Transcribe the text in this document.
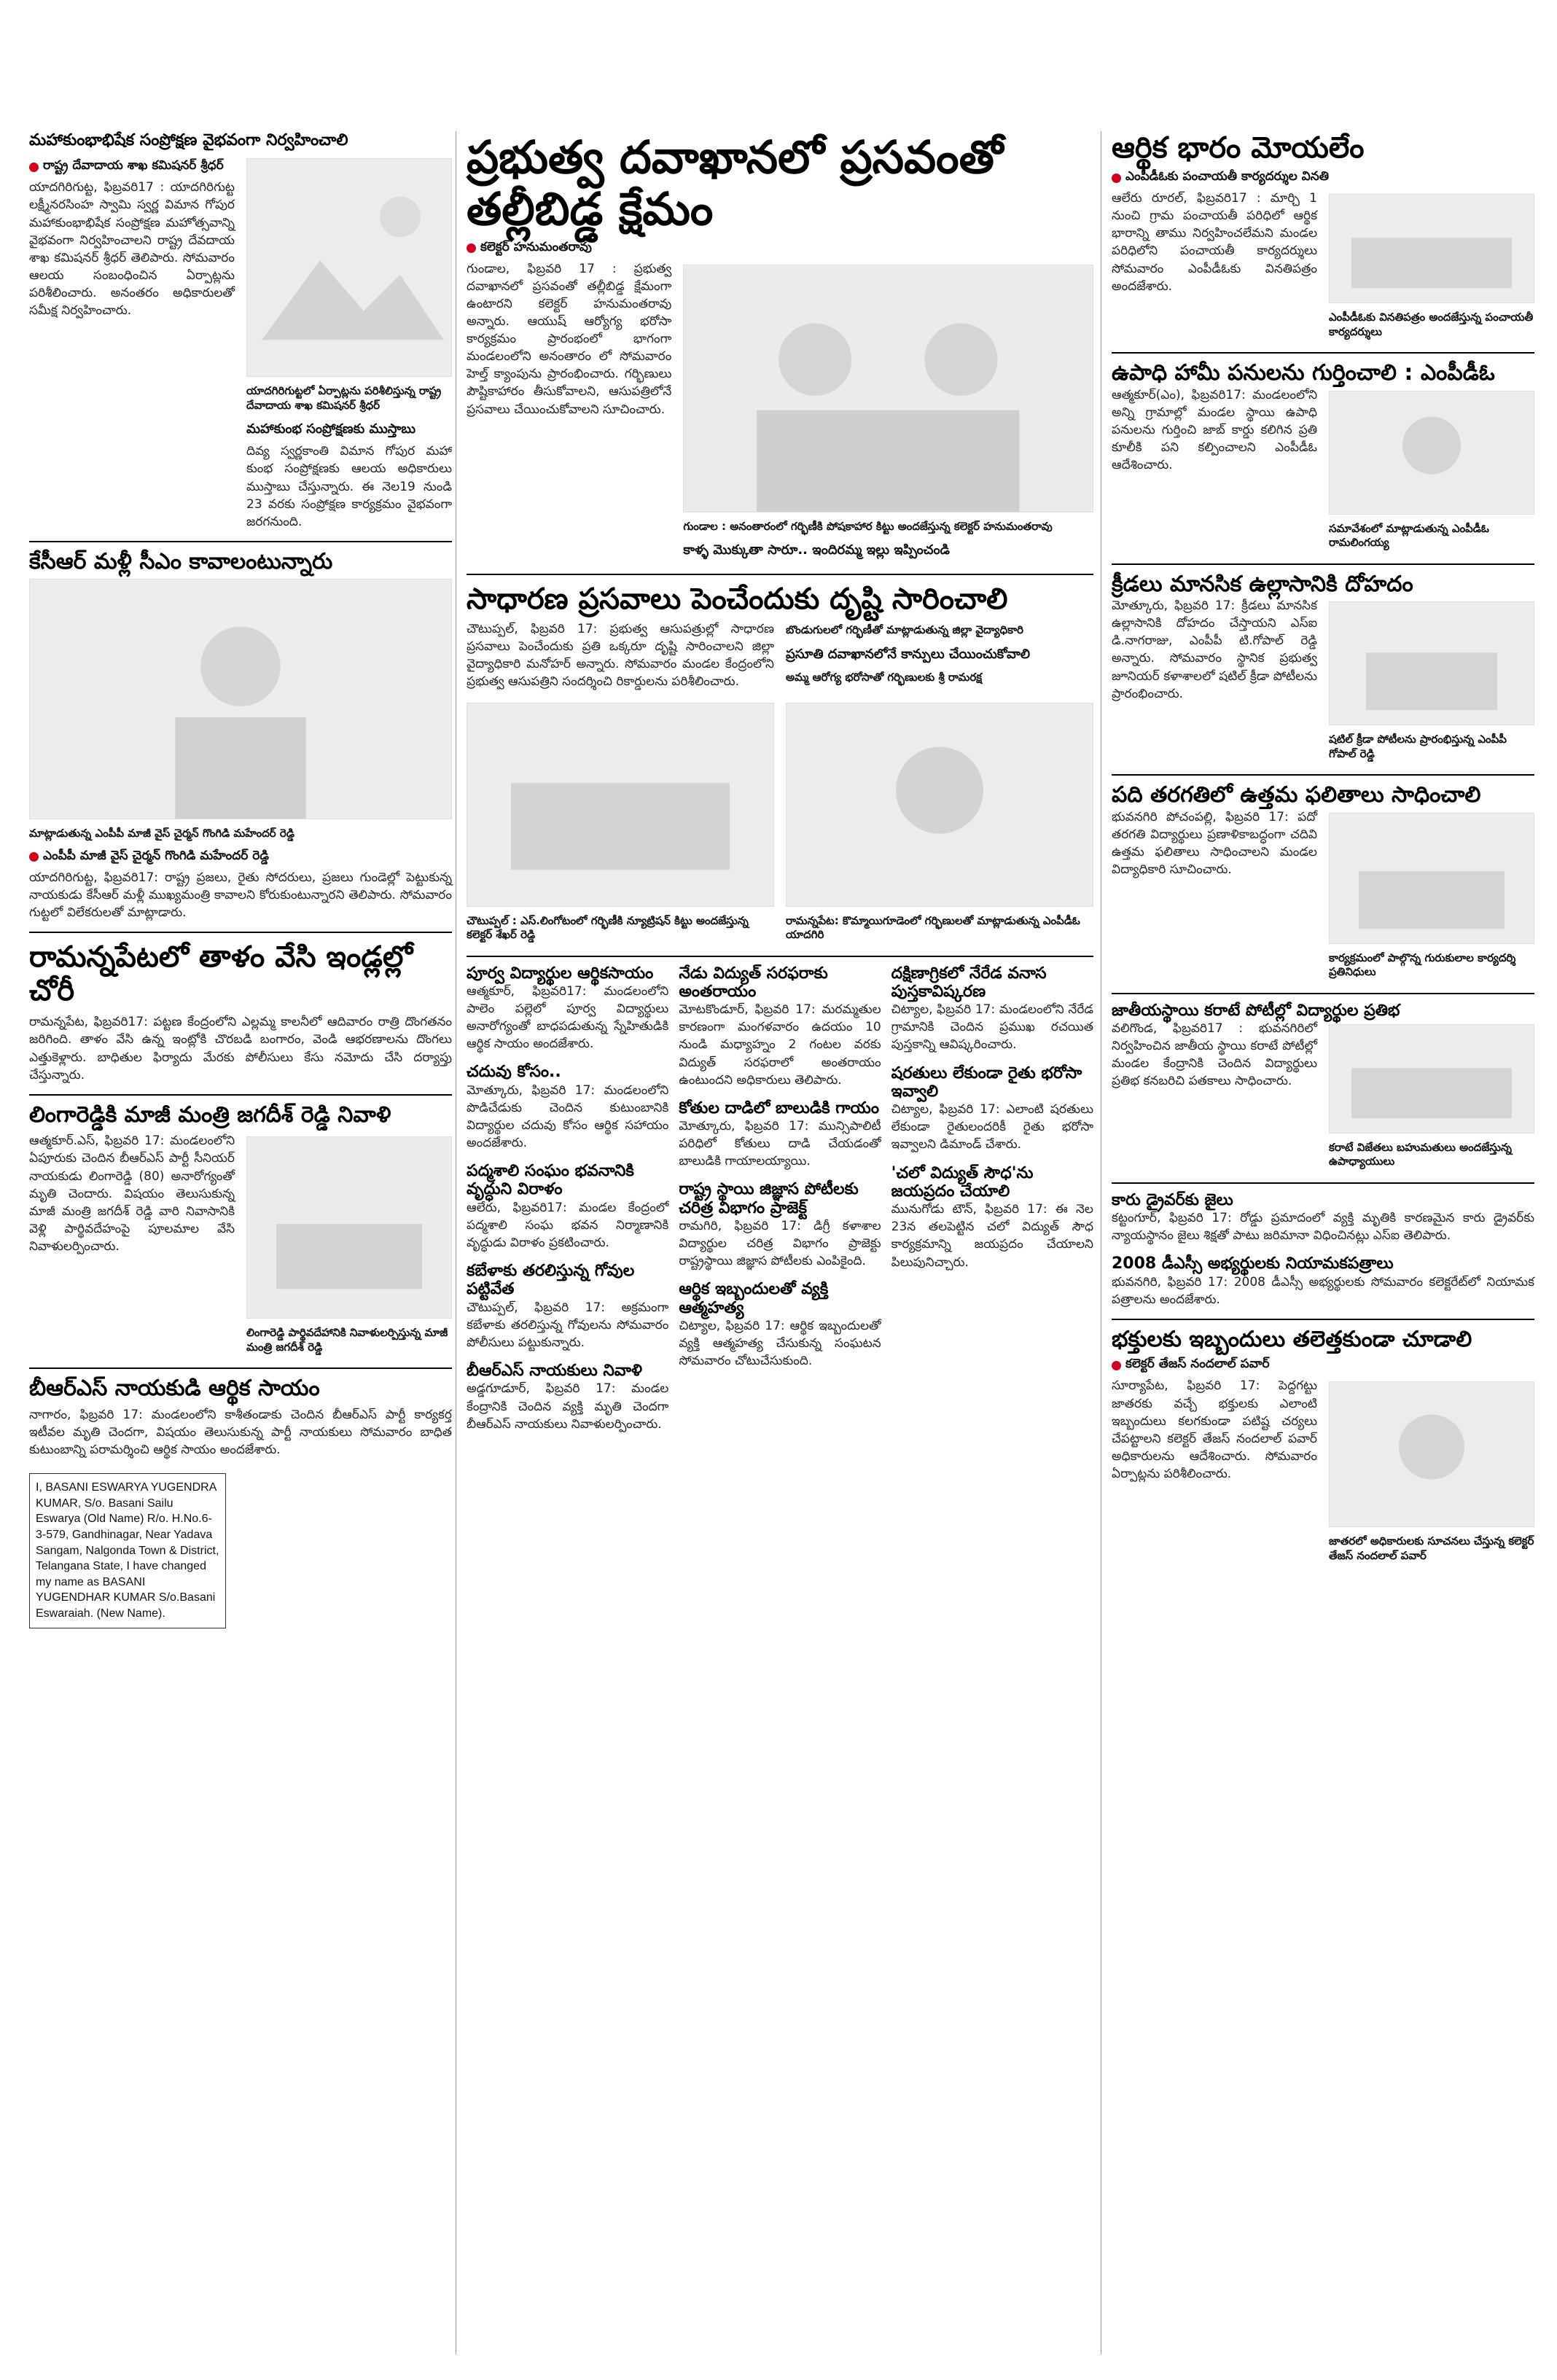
మహాకుంభాభిషేక సంప్రోక్షణ వైభవంగా నిర్వహించాలి
రాష్ట్ర దేవాదాయ శాఖ కమిషనర్ శ్రీధర్
యాదగిరిగుట్ట, ఫిబ్రవరి17 : యాదగిరిగుట్ట లక్ష్మీనరసింహ స్వామి స్వర్ణ విమాన గోపుర మహాకుంభాభిషేక సంప్రోక్షణ మహోత్సవాన్ని వైభవంగా నిర్వహించాలని రాష్ట్ర దేవదాయ శాఖ కమిషనర్ శ్రీధర్ తెలిపారు. సోమవారం ఆలయ సంబంధించిన ఏర్పాట్లను పరిశీలించారు. అనంతరం అధికారులతో సమీక్ష నిర్వహించారు.
యాదగిరిగుట్టలో ఏర్పాట్లను పరిశీలిస్తున్న రాష్ట్ర దేవాదాయ శాఖ కమిషనర్ శ్రీధర్
మహాకుంభ సంప్రోక్షణకు ముస్తాబు
దివ్య స్వర్ణకాంతి విమాన గోపుర మహా కుంభ సంప్రోక్షణకు ఆలయ అధికారులు ముస్తాబు చేస్తున్నారు. ఈ నెల19 నుండి 23 వరకు సంప్రోక్షణ కార్యక్రమం వైభవంగా జరగనుంది.
కేసీఆర్ మళ్లీ సీఎం కావాలంటున్నారు
మాట్లాడుతున్న ఎంపీపీ మాజీ వైస్ చైర్మన్ గొంగిడి మహేందర్ రెడ్డి
ఎంపీపీ మాజీ వైస్ చైర్మన్ గొంగిడి మహేందర్ రెడ్డి
యాదగిరిగుట్ట, ఫిబ్రవరి17: రాష్ట్ర ప్రజలు, రైతు సోదరులు, ప్రజలు గుండెల్లో పెట్టుకున్న నాయకుడు కేసీఆర్ మళ్లీ ముఖ్యమంత్రి కావాలని కోరుకుంటున్నారని తెలిపారు. సోమవారం గుట్టలో విలేకరులతో మాట్లాడారు.
రామన్నపేటలో తాళం వేసి ఇండ్లల్లో చోరీ
రామన్నపేట, ఫిబ్రవరి17: పట్టణ కేంద్రంలోని ఎల్లమ్మ కాలనీలో ఆదివారం రాత్రి దొంగతనం జరిగింది. తాళం వేసి ఉన్న ఇంట్లోకి చొరబడి బంగారం, వెండి ఆభరణాలను దొంగలు ఎత్తుకెళ్లారు. బాధితుల ఫిర్యాదు మేరకు పోలీసులు కేసు నమోదు చేసి దర్యాప్తు చేస్తున్నారు.
లింగారెడ్డికి మాజీ మంత్రి జగదీశ్ రెడ్డి నివాళి
ఆత్మకూర్.ఎస్, ఫిబ్రవరి 17: మండలంలోని ఏపూరుకు చెందిన బీఆర్ఎస్ పార్టీ సీనియర్ నాయకుడు లింగారెడ్డి (80) అనారోగ్యంతో మృతి చెందారు. విషయం తెలుసుకున్న మాజీ మంత్రి జగదీశ్ రెడ్డి వారి నివాసానికి వెళ్లి పార్థివదేహంపై పూలమాల వేసి నివాళులర్పించారు.
లింగారెడ్డి పార్థివదేహానికి నివాళులర్పిస్తున్న మాజీ మంత్రి జగదీశ్ రెడ్డి
బీఆర్ఎస్ నాయకుడి ఆర్థిక సాయం
నాగారం, ఫిబ్రవరి 17: మండలంలోని కాశీతండాకు చెందిన బీఆర్ఎస్ పార్టీ కార్యకర్త ఇటీవల మృతి చెందగా, విషయం తెలుసుకున్న పార్టీ నాయకులు సోమవారం బాధిత కుటుంబాన్ని పరామర్శించి ఆర్థిక సాయం అందజేశారు.
I, BASANI ESWARYA YUGENDRA KUMAR, S/o. Basani Sailu Eswarya (Old Name) R/o. H.No.6-3-579, Gandhinagar, Near Yadava Sangam, Nalgonda Town & District, Telangana State, I have changed my name as BASANI YUGENDHAR KUMAR S/o.Basani Eswaraiah. (New Name).
ప్రభుత్వ దవాఖానలో ప్రసవంతో తల్లీబిడ్డ క్షేమం
కలెక్టర్ హనుమంతరావు
గుండాల, ఫిబ్రవరి 17 : ప్రభుత్వ దవాఖానలో ప్రసవంతో తల్లీబిడ్డ క్షేమంగా ఉంటారని కలెక్టర్ హనుమంతరావు అన్నారు. ఆయుష్ ఆర్యోగ్య భరోసా కార్యక్రమం ప్రారంభంలో భాగంగా మండలంలోని అనంతారం లో సోమవారం హెల్త్ క్యాంపును ప్రారంభించారు. గర్భిణులు పౌష్టికాహారం తీసుకోవాలని, ఆసుపత్రిలోనే ప్రసవాలు చేయించుకోవాలని సూచించారు.
గుండాల : అనంతారంలో గర్భిణీకి పోషకాహార కిట్టు అందజేస్తున్న కలెక్టర్ హనుమంతరావు
కాళ్ళ మొక్కుతా సారూ.. ఇందిరమ్మ ఇల్లు ఇప్పించండి
సాధారణ ప్రసవాలు పెంచేందుకు దృష్టి సారించాలి
చౌటుప్పల్, ఫిబ్రవరి 17: ప్రభుత్వ ఆసుపత్రుల్లో సాధారణ ప్రసవాలు పెంచేందుకు ప్రతి ఒక్కరూ దృష్టి సారించాలని జిల్లా వైద్యాధికారి మనోహర్ అన్నారు. సోమవారం మండల కేంద్రంలోని ప్రభుత్వ ఆసుపత్రిని సందర్శించి రికార్డులను పరిశీలించారు.
బొండుగులలో గర్భిణీతో మాట్లాడుతున్న జిల్లా వైద్యాధికారి
ప్రసూతి దవాఖానలోనే కాన్పులు చేయించుకోవాలి
అమ్మ ఆరోగ్య భరోసాతో గర్భిణులకు శ్రీ రామరక్ష
చౌటుప్పల్ : ఎస్.లింగోటంలో గర్భిణీకి న్యూట్రిషన్ కిట్టు అందజేస్తున్న కలెక్టర్ శేఖర్ రెడ్డి
రామన్నపేట: కొమ్మాయిగూడెంలో గర్భిణులతో మాట్లాడుతున్న ఎంపీడీఓ యాదగిరి
పూర్వ విద్యార్థుల ఆర్థికసాయం
ఆత్మకూర్, ఫిబ్రవరి17: మండలంలోని పాలెం పల్లెలో పూర్వ విద్యార్థులు అనారోగ్యంతో బాధపడుతున్న స్నేహితుడికి ఆర్థిక సాయం అందజేశారు.
చదువు కోసం..
మోత్కూరు, ఫిబ్రవరి 17: మండలంలోని పొడిచేడుకు చెందిన కుటుంబానికి విద్యార్థుల చదువు కోసం ఆర్థిక సహాయం అందజేశారు.
పద్మశాలి సంఘం భవనానికి వృద్ధుని విరాళం
ఆలేరు, ఫిబ్రవరి17: మండల కేంద్రంలో పద్మశాలి సంఘ భవన నిర్మాణానికి వృద్ధుడు విరాళం ప్రకటించారు.
కబేళాకు తరలిస్తున్న గోవుల పట్టివేత
చౌటుప్పల్, ఫిబ్రవరి 17: అక్రమంగా కబేళాకు తరలిస్తున్న గోవులను సోమవారం పోలీసులు పట్టుకున్నారు.
బీఆర్ఎస్ నాయకులు నివాళి
అడ్డగూడూర్, ఫిబ్రవరి 17: మండల కేంద్రానికి చెందిన వ్యక్తి మృతి చెందగా బీఆర్ఎస్ నాయకులు నివాళులర్పించారు.
నేడు విద్యుత్ సరఫరాకు అంతరాయం
మోటకొండూర్, ఫిబ్రవరి 17: మరమ్మతుల కారణంగా మంగళవారం ఉదయం 10 నుండి మధ్యాహ్నం 2 గంటల వరకు విద్యుత్ సరఫరాలో అంతరాయం ఉంటుందని అధికారులు తెలిపారు.
కోతుల దాడిలో బాలుడికి గాయం
మోత్కూరు, ఫిబ్రవరి 17: మున్సిపాలిటీ పరిధిలో కోతులు దాడి చేయడంతో బాలుడికి గాయాలయ్యాయి.
రాష్ట్ర స్థాయి జిజ్ఞాస పోటీలకు చరిత్ర విభాగం ప్రాజెక్ట్
రామగిరి, ఫిబ్రవరి 17: డిగ్రీ కళాశాల విద్యార్థుల చరిత్ర విభాగం ప్రాజెక్టు రాష్ట్రస్థాయి జిజ్ఞాస పోటీలకు ఎంపికైంది.
ఆర్థిక ఇబ్బందులతో వ్యక్తి ఆత్మహత్య
చిట్యాల, ఫిబ్రవరి 17: ఆర్థిక ఇబ్బందులతో వ్యక్తి ఆత్మహత్య చేసుకున్న సంఘటన సోమవారం చోటుచేసుకుంది.
దక్షిణాగ్రికలో నేరేడ వనాస పుస్తకావిష్కరణ
చిట్యాల, ఫిబ్రవరి 17: మండలంలోని నేరేడ గ్రామానికి చెందిన ప్రముఖ రచయిత పుస్తకాన్ని ఆవిష్కరించారు.
షరతులు లేకుండా రైతు భరోసా ఇవ్వాలి
చిట్యాల, ఫిబ్రవరి 17: ఎలాంటి షరతులు లేకుండా రైతులందరికీ రైతు భరోసా ఇవ్వాలని డిమాండ్ చేశారు.
'చలో విద్యుత్ సౌధ'ను జయప్రదం చేయాలి
మునుగోడు టౌన్, ఫిబ్రవరి 17: ఈ నెల 23న తలపెట్టిన చలో విద్యుత్ సౌధ కార్యక్రమాన్ని జయప్రదం చేయాలని పిలుపునిచ్చారు.
ఆర్థిక భారం మోయలేం
ఎంపీడీఓకు పంచాయతీ కార్యదర్శుల వినతి
ఆలేరు రూరల్, ఫిబ్రవరి17 : మార్చి 1 నుంచి గ్రామ పంచాయతీ పరిధిలో ఆర్థిక భారాన్ని తాము నిర్వహించలేమని మండల పరిధిలోని పంచాయతీ కార్యదర్శులు సోమవారం ఎంపీడీఓకు వినతిపత్రం అందజేశారు.
ఎంపీడీఓకు వినతిపత్రం అందజేస్తున్న పంచాయతీ కార్యదర్శులు
ఉపాధి హామీ పనులను గుర్తించాలి : ఎంపీడీఓ
ఆత్మకూర్(ఎం), ఫిబ్రవరి17: మండలంలోని అన్ని గ్రామాల్లో మండల స్థాయి ఉపాధి పనులను గుర్తించి జాబ్ కార్డు కలిగిన ప్రతి కూలీకి పని కల్పించాలని ఎంపీడీఓ ఆదేశించారు.
సమావేశంలో మాట్లాడుతున్న ఎంపీడీఓ రామలింగయ్య
క్రీడలు మానసిక ఉల్లాసానికి దోహదం
మోత్కూరు, ఫిబ్రవరి 17: క్రీడలు మానసిక ఉల్లాసానికి దోహదం చేస్తాయని ఎస్ఐ డి.నాగరాజు, ఎంపీపీ టి.గోపాల్ రెడ్డి అన్నారు. సోమవారం స్థానిక ప్రభుత్వ జూనియర్ కళాశాలలో షటిల్ క్రీడా పోటీలను ప్రారంభించారు.
షటిల్ క్రీడా పోటీలను ప్రారంభిస్తున్న ఎంపీపీ గోపాల్ రెడ్డి
పది తరగతిలో ఉత్తమ ఫలితాలు సాధించాలి
భువనగిరి పోచంపల్లి, ఫిబ్రవరి 17: పదో తరగతి విద్యార్థులు ప్రణాళికాబద్ధంగా చదివి ఉత్తమ ఫలితాలు సాధించాలని మండల విద్యాధికారి సూచించారు.
కార్యక్రమంలో పాల్గొన్న గురుకులాల కార్యదర్శి ప్రతినిధులు
జాతీయస్థాయి కరాటే పోటీల్లో విద్యార్థుల ప్రతిభ
వలిగొండ, ఫిబ్రవరి17 : భువనగిరిలో నిర్వహించిన జాతీయ స్థాయి కరాటే పోటీల్లో మండల కేంద్రానికి చెందిన విద్యార్థులు ప్రతిభ కనబరిచి పతకాలు సాధించారు.
కరాటే విజేతలు బహుమతులు అందజేస్తున్న ఉపాధ్యాయులు
కారు డ్రైవర్‌కు జైలు
కట్టంగూర్, ఫిబ్రవరి 17: రోడ్డు ప్రమాదంలో వ్యక్తి మృతికి కారణమైన కారు డ్రైవర్‌కు న్యాయస్థానం జైలు శిక్షతో పాటు జరిమానా విధించినట్లు ఎస్ఐ తెలిపారు.
2008 డీఎస్సీ అభ్యర్థులకు నియామకపత్రాలు
భువనగిరి, ఫిబ్రవరి 17: 2008 డీఎస్సీ అభ్యర్థులకు సోమవారం కలెక్టరేట్‌లో నియామక పత్రాలను అందజేశారు.
భక్తులకు ఇబ్బందులు తలెత్తకుండా చూడాలి
కలెక్టర్ తేజస్ నందలాల్ పవార్
సూర్యాపేట, ఫిబ్రవరి 17: పెద్దగట్టు జాతరకు వచ్చే భక్తులకు ఎలాంటి ఇబ్బందులు కలగకుండా పటిష్ట చర్యలు చేపట్టాలని కలెక్టర్ తేజస్ నందలాల్ పవార్ అధికారులను ఆదేశించారు. సోమవారం ఏర్పాట్లను పరిశీలించారు.
జాతరలో అధికారులకు సూచనలు చేస్తున్న కలెక్టర్ తేజస్ నందలాల్ పవార్
